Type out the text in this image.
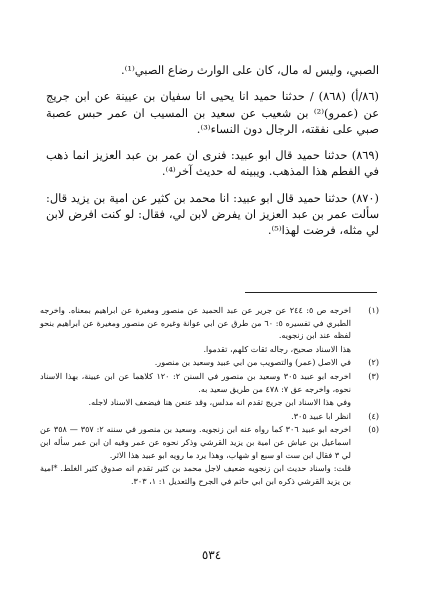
الصبي، وليس له مال، كان على الوارث رضاع الصبي⁽¹⁾.

(٨٦/أ) (٨٦٨) / حدثنا حميد انا يحيى انا سفيان بن عيينة عن ابن جريج عن (عمرو)⁽²⁾ بن شعيب عن سعيد بن المسيب ان عمر حبس عصبة صبي على نفقته، الرجال دون النساء⁽³⁾.

(٨٦٩) حدثنا حميد قال ابو عبيد: فنرى ان عمر بن عبد العزيز انما ذهب في الفطم هذا المذهب. ويبينه له حديث آخر⁽⁴⁾.

(٨٧٠) حدثنا حميد قال ابو عبيد: انا محمد بن كثير عن امية بن يزيد قال: سألت عمر بن عبد العزيز ان يفرض لابن لي، فقال: لو كنت افرض لابن لي مثله، فرضت لهذا⁽⁵⁾.

(١)
اخرجه ص ٥: ٢٤٤ عن جرير عن عبد الحميد عن منصور ومغيرة عن ابراهيم بمعناه. واخرجه الطبري في تفسيره ٥: ٦٠ من طرق عن ابي عوانة وغيره عن منصور ومغيرة عن ابراهيم بنحو لفظه عند ابن زنجويه.
هذا الاسناد صحيح، رجاله ثقات كلهم، تقدموا.
(٢)
في الاصل (عمر) والتصويب من ابي عبيد وسعيد بن منصور.
(٣)
اخرجه ابو عبيد ٣٠٥ وسعيد بن منصور في السنن ٢: ١٢٠ كلاهما عن ابن عيينة، بهذا الاسناد نحوه، واخرجه عق ٧: ٤٧٨ من طريق سعيد به.
وفي هذا الاسناد ابن جريج تقدم انه مدلس، وقد عنعن هنا فيضعف الاسناد لاجله.
(٤)
انظر ابا عبيد ٣٠٥.
(٥)
اخرجه ابو عبيد ٣٠٦ كما رواه عنه ابن زنجويه. وسعيد بن منصور في سننه ٢: ٣٥٧ — ٣٥٨ عن اسماعيل بن عياش عن امية بن يزيد القرشي وذكر نحوه عن عمر وفيه ان ابن عمر سأله ابن لي ٣ فقال ابن ست او سبع او شهاب، وهذا يرد ما رويه ابو عبيد هذا الاثر.
قلت: واسناد حديث ابن زنجويه ضعيف لاجل محمد بن كثير تقدم انه صدوق كثير الغلط. *امية بن يزيد القرشي ذكره ابن ابي حاتم في الجرح والتعديل ١: ١، ٣٠٣.
٥٣٤
